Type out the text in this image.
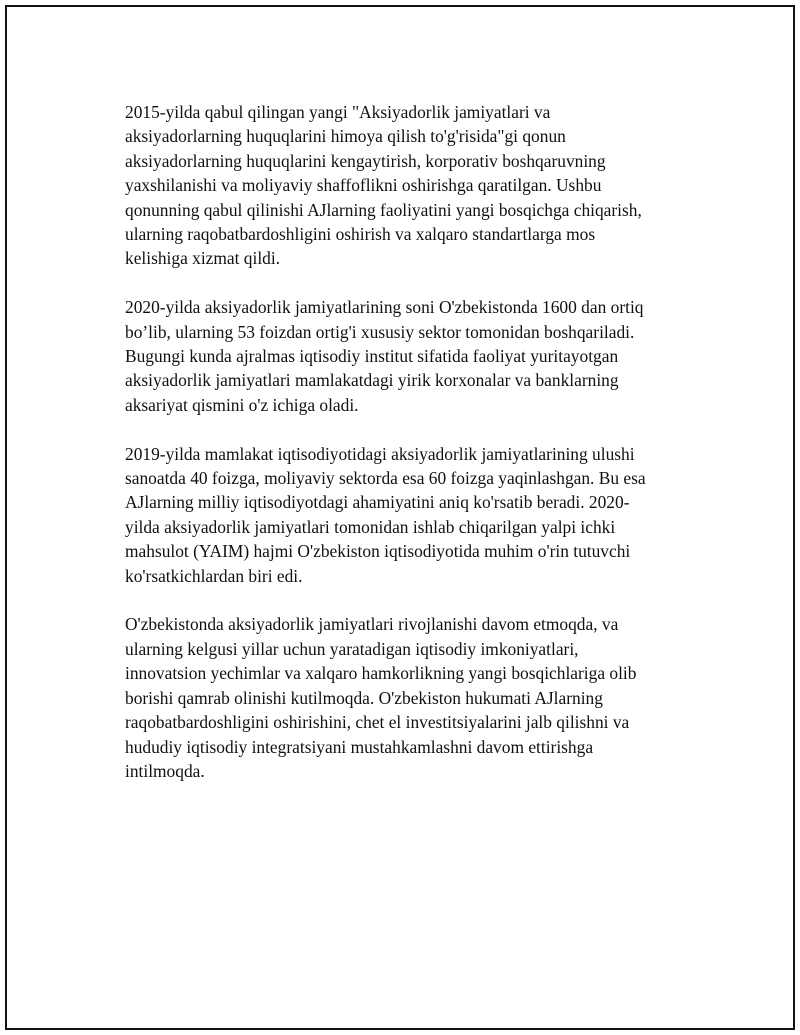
2015-yilda qabul qilingan yangi "Aksiyadorlik jamiyatlari va
aksiyadorlarning huquqlarini himoya qilish to'g'risida"gi qonun
aksiyadorlarning huquqlarini kengaytirish, korporativ boshqaruvning
yaxshilanishi va moliyaviy shaffoflikni oshirishga qaratilgan. Ushbu
qonunning qabul qilinishi AJlarning faoliyatini yangi bosqichga chiqarish,
ularning raqobatbardoshligini oshirish va xalqaro standartlarga mos
kelishiga xizmat qildi.

2020-yilda aksiyadorlik jamiyatlarining soni O'zbekistonda 1600 dan ortiq
bo’lib, ularning 53 foizdan ortig'i xususiy sektor tomonidan boshqariladi.
Bugungi kunda ajralmas iqtisodiy institut sifatida faoliyat yuritayotgan
aksiyadorlik jamiyatlari mamlakatdagi yirik korxonalar va banklarning
aksariyat qismini o'z ichiga oladi.

2019-yilda mamlakat iqtisodiyotidagi aksiyadorlik jamiyatlarining ulushi
sanoatda 40 foizga, moliyaviy sektorda esa 60 foizga yaqinlashgan. Bu esa
AJlarning milliy iqtisodiyotdagi ahamiyatini aniq ko'rsatib beradi. 2020-
yilda aksiyadorlik jamiyatlari tomonidan ishlab chiqarilgan yalpi ichki
mahsulot (YAIM) hajmi O'zbekiston iqtisodiyotida muhim o'rin tutuvchi
ko'rsatkichlardan biri edi.

O'zbekistonda aksiyadorlik jamiyatlari rivojlanishi davom etmoqda, va
ularning kelgusi yillar uchun yaratadigan iqtisodiy imkoniyatlari,
innovatsion yechimlar va xalqaro hamkorlikning yangi bosqichlariga olib
borishi qamrab olinishi kutilmoqda. O'zbekiston hukumati AJlarning
raqobatbardoshligini oshirishini, chet el investitsiyalarini jalb qilishni va
hududiy iqtisodiy integratsiyani mustahkamlashni davom ettirishga
intilmoqda.
